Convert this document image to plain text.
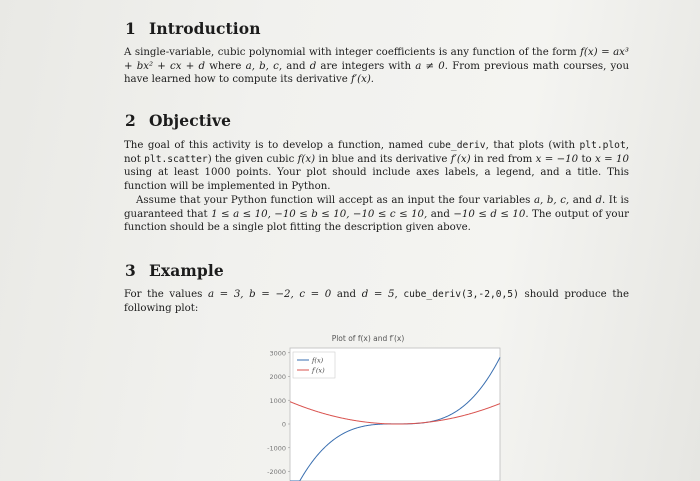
1 Introduction

A single-variable, cubic polynomial with integer coefficients is any function of the form f(x) = ax³ + bx² + cx + d where a, b, c, and d are integers with a ≠ 0. From previous math courses, you have learned how to compute its derivative f′(x).

2 Objective

The goal of this activity is to develop a function, named cube_deriv, that plots (with plt.plot, not plt.scatter) the given cubic f(x) in blue and its derivative f′(x) in red from x = −10 to x = 10 using at least 1000 points. Your plot should include axes labels, a legend, and a title. This function will be implemented in Python.

Assume that your Python function will accept as an input the four variables a, b, c, and d. It is guaranteed that 1 ≤ a ≤ 10, −10 ≤ b ≤ 10, −10 ≤ c ≤ 10, and −10 ≤ d ≤ 10. The output of your function should be a single plot fitting the description given above.

3 Example

For the values a = 3, b = −2, c = 0 and d = 5, cube_deriv(3,-2,0,5) should produce the following plot:

Plot of f(x) and f′(x)
3000
2000
1000
0
-1000
-2000
f(x)
f′(x)
